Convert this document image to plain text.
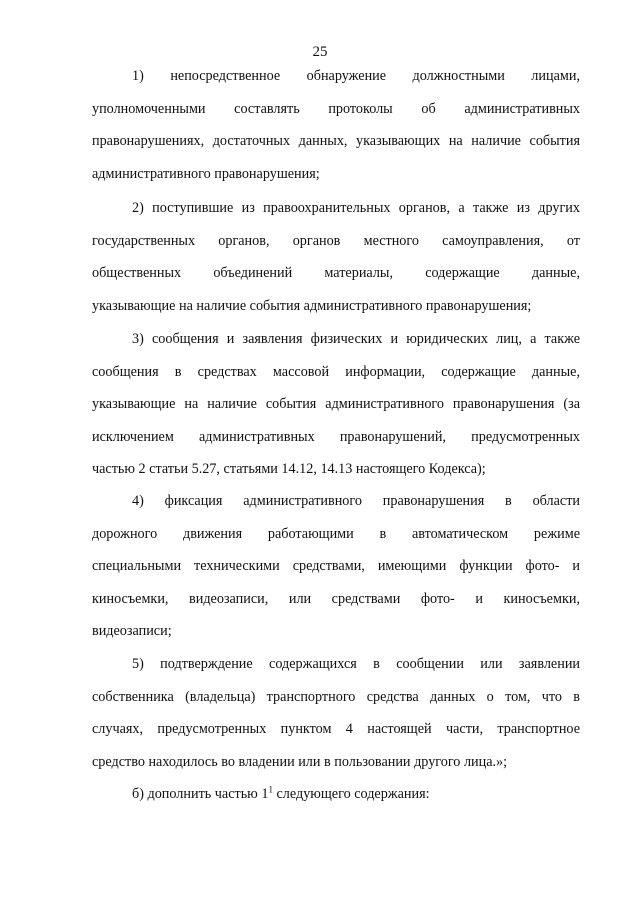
25
1) непосредственное обнаружение должностными лицами,
уполномоченными составлять протоколы об административных
правонарушениях, достаточных данных, указывающих на наличие события
административного правонарушения;
2) поступившие из правоохранительных органов, а также из других
государственных органов, органов местного самоуправления, от
общественных объединений материалы, содержащие данные,
указывающие на наличие события административного правонарушения;
3) сообщения и заявления физических и юридических лиц, а также
сообщения в средствах массовой информации, содержащие данные,
указывающие на наличие события административного правонарушения (за
исключением административных правонарушений, предусмотренных
частью 2 статьи 5.27, статьями 14.12, 14.13 настоящего Кодекса);
4) фиксация административного правонарушения в области
дорожного движения работающими в автоматическом режиме
специальными техническими средствами, имеющими функции фото- и
киносъемки, видеозаписи, или средствами фото- и киносъемки,
видеозаписи;
5) подтверждение содержащихся в сообщении или заявлении
собственника (владельца) транспортного средства данных о том, что в
случаях, предусмотренных пунктом 4 настоящей части, транспортное
средство находилось во владении или в пользовании другого лица.»;
б) дополнить частью $1^1$ следующего содержания:
